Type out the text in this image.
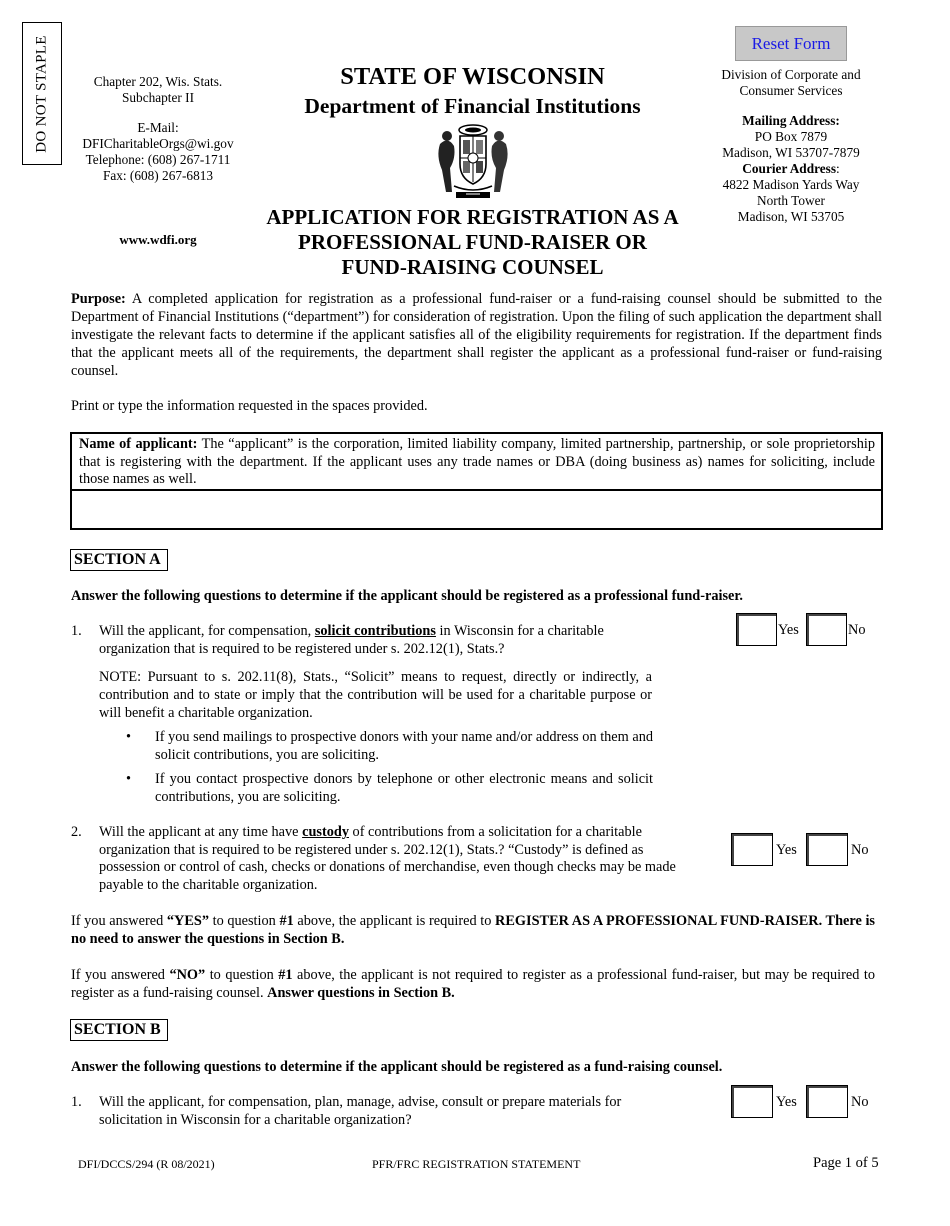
DO NOT STAPLE	Chapter 202, Wis. Stats.
Subchapter II
E-Mail:
DFICharitableOrgs@wi.gov
Telephone: (608) 267-1711
Fax: (608) 267-6813
www.wdfi.org
STATE OF WISCONSIN
Department of Financial Institutions
APPLICATION FOR REGISTRATION AS A
PROFESSIONAL FUND-RAISER OR
FUND-RAISING COUNSEL
Reset Form
Division of Corporate and
Consumer Services
Mailing Address:
PO Box 7879
Madison, WI 53707-7879
Courier Address:
4822 Madison Yards Way
North Tower
Madison, WI 53705
Purpose: A completed application for registration as a professional fund-raiser or a fund-raising counsel should be submitted to the Department of Financial Institutions (“department”) for consideration of registration. Upon the filing of such application the department shall investigate the relevant facts to determine if the applicant satisfies all of the eligibility requirements for registration. If the department finds that the applicant meets all of the requirements, the department shall register the applicant as a professional fund-raiser or fund-raising counsel.
Print or type the information requested in the spaces provided.
Name of applicant: The “applicant” is the corporation, limited liability company, limited partnership, partnership, or sole proprietorship that is registering with the department. If the applicant uses any trade names or DBA (doing business as) names for soliciting, include those names as well.
SECTION A
Answer the following questions to determine if the applicant should be registered as a professional fund-raiser.
1. Will the applicant, for compensation, solicit contributions in Wisconsin for a charitable organization that is required to be registered under s. 202.12(1), Stats.?
Yes	No
NOTE: Pursuant to s. 202.11(8), Stats., “Solicit” means to request, directly or indirectly, a contribution and to state or imply that the contribution will be used for a charitable purpose or will benefit a charitable organization.
• If you send mailings to prospective donors with your name and/or address on them and solicit contributions, you are soliciting.
• If you contact prospective donors by telephone or other electronic means and solicit contributions, you are soliciting.
2. Will the applicant at any time have custody of contributions from a solicitation for a charitable organization that is required to be registered under s. 202.12(1), Stats.? “Custody” is defined as possession or control of cash, checks or donations of merchandise, even though checks may be made payable to the charitable organization.
Yes	No
If you answered “YES” to question #1 above, the applicant is required to REGISTER AS A PROFESSIONAL FUND-RAISER. There is no need to answer the questions in Section B.
If you answered “NO” to question #1 above, the applicant is not required to register as a professional fund-raiser, but may be required to register as a fund-raising counsel. Answer questions in Section B.
SECTION B
Answer the following questions to determine if the applicant should be registered as a fund-raising counsel.
1. Will the applicant, for compensation, plan, manage, advise, consult or prepare materials for solicitation in Wisconsin for a charitable organization?
Yes	No
DFI/DCCS/294 (R 08/2021)	PFR/FRC REGISTRATION STATEMENT	Page 1 of 5
